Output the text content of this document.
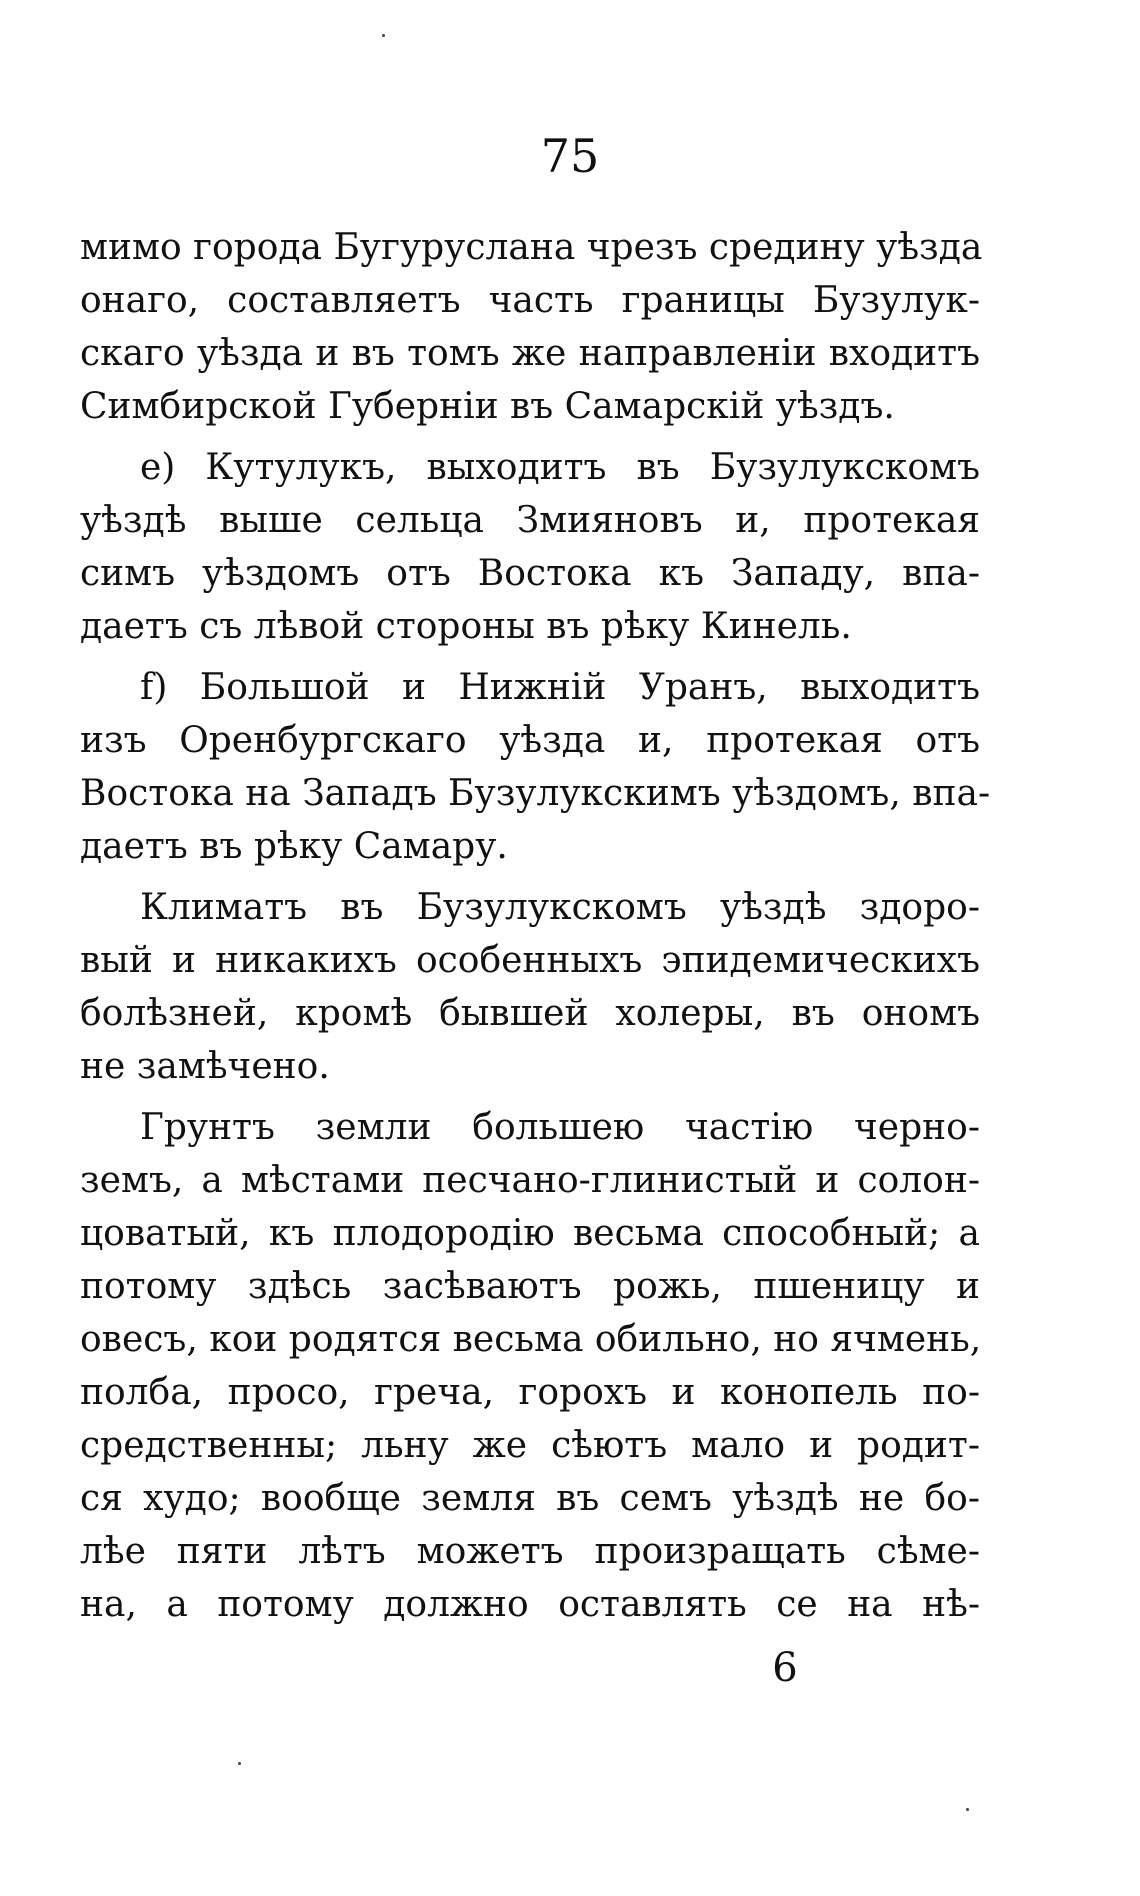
75
мимо города Бугуруслана чрезъ средину уѣзда
онаго, составляетъ часть границы Бузулук-
скаго уѣзда и въ томъ же направленіи входитъ
Симбирской Губерніи въ Самарскій уѣздъ.
e) Кутулукъ, выходитъ въ Бузулукскомъ
уѣздѣ выше сельца Змияновъ и, протекая
симъ уѣздомъ отъ Востока къ Западу, впа-
даетъ съ лѣвой стороны въ рѣку Кинель.
f) Большой и Нижній Уранъ, выходитъ
изъ Оренбургскаго уѣзда и, протекая отъ
Востока на Западъ Бузулукскимъ уѣздомъ, впа-
даетъ въ рѣку Самару.
Климатъ въ Бузулукскомъ уѣздѣ здоро-
вый и никакихъ особенныхъ эпидемическихъ
болѣзней, кромѣ бывшей холеры, въ ономъ
не замѣчено.
Грунтъ земли большею частію черно-
земъ, а мѣстами песчано-глинистый и солон-
цоватый, къ плодородію весьма способный; а
потому здѣсь засѣваютъ рожь, пшеницу и
овесъ, кои родятся весьма обильно, но ячмень,
полба, просо, греча, горохъ и конопель по-
средственны; льну же сѣютъ мало и родит-
ся худо; вообще земля въ семъ уѣздѣ не бо-
лѣе пяти лѣтъ можетъ произращать сѣме-
на, а потому должно оставлять се на нѣ-
6
